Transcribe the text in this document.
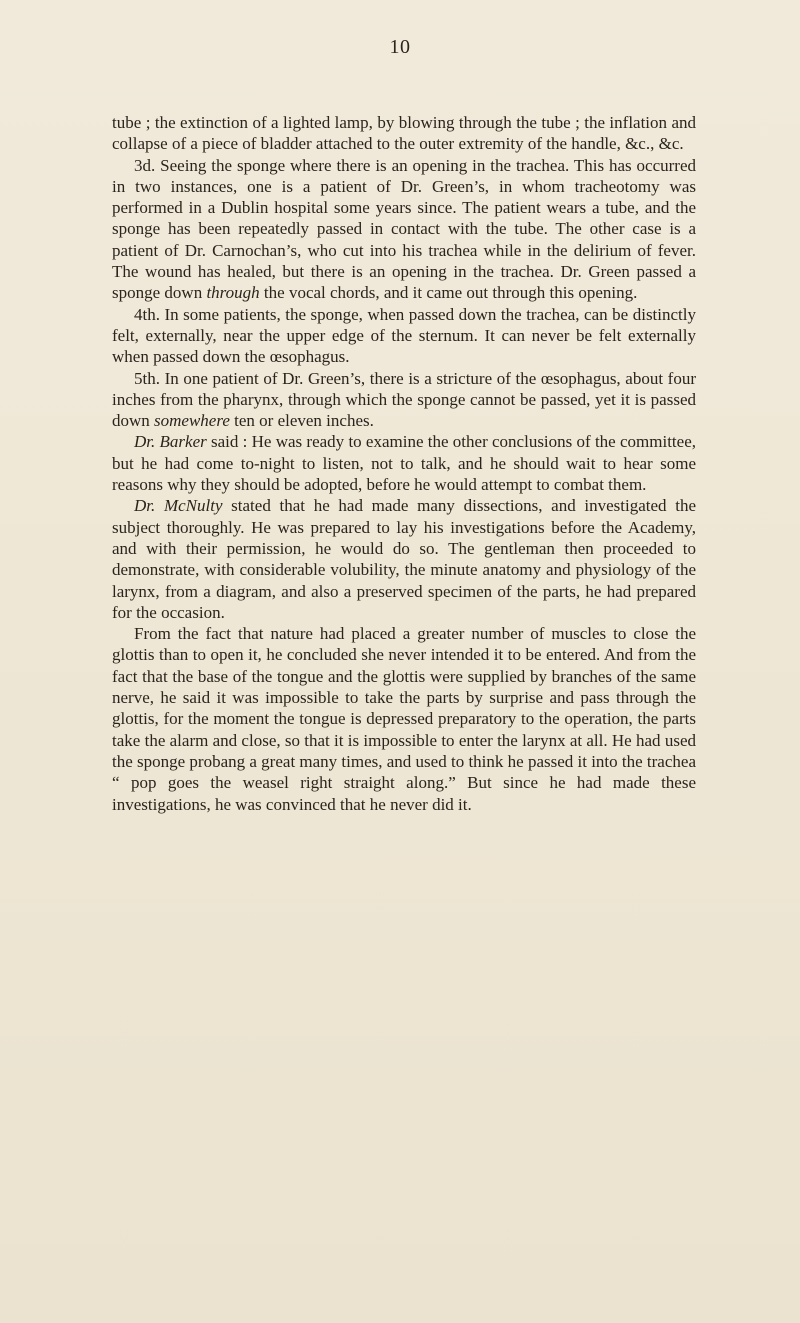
10

tube ; the extinction of a lighted lamp, by blowing through the tube ; the inflation and collapse of a piece of bladder attached to the outer extremity of the handle, &c., &c.

3d. Seeing the sponge where there is an opening in the trachea. This has occurred in two instances, one is a patient of Dr. Green’s, in whom tracheotomy was performed in a Dublin hospital some years since. The patient wears a tube, and the sponge has been repeatedly passed in contact with the tube. The other case is a patient of Dr. Carnochan’s, who cut into his trachea while in the delirium of fever. The wound has healed, but there is an opening in the trachea. Dr. Green passed a sponge down through the vocal chords, and it came out through this opening.

4th. In some patients, the sponge, when passed down the trachea, can be distinctly felt, externally, near the upper edge of the sternum. It can never be felt externally when passed down the œsophagus.

5th. In one patient of Dr. Green’s, there is a stricture of the œsophagus, about four inches from the pharynx, through which the sponge cannot be passed, yet it is passed down somewhere ten or eleven inches.

Dr. Barker said : He was ready to examine the other conclusions of the committee, but he had come to-night to listen, not to talk, and he should wait to hear some reasons why they should be adopted, before he would attempt to combat them.

Dr. McNulty stated that he had made many dissections, and investigated the subject thoroughly. He was prepared to lay his investigations before the Academy, and with their permission, he would do so. The gentleman then proceeded to demonstrate, with considerable volubility, the minute anatomy and physiology of the larynx, from a diagram, and also a preserved specimen of the parts, he had prepared for the occasion.

From the fact that nature had placed a greater number of muscles to close the glottis than to open it, he concluded she never intended it to be entered. And from the fact that the base of the tongue and the glottis were supplied by branches of the same nerve, he said it was impossible to take the parts by surprise and pass through the glottis, for the moment the tongue is depressed preparatory to the operation, the parts take the alarm and close, so that it is impossible to enter the larynx at all. He had used the sponge probang a great many times, and used to think he passed it into the trachea “ pop goes the weasel right straight along.” But since he had made these investigations, he was convinced that he never did it.
